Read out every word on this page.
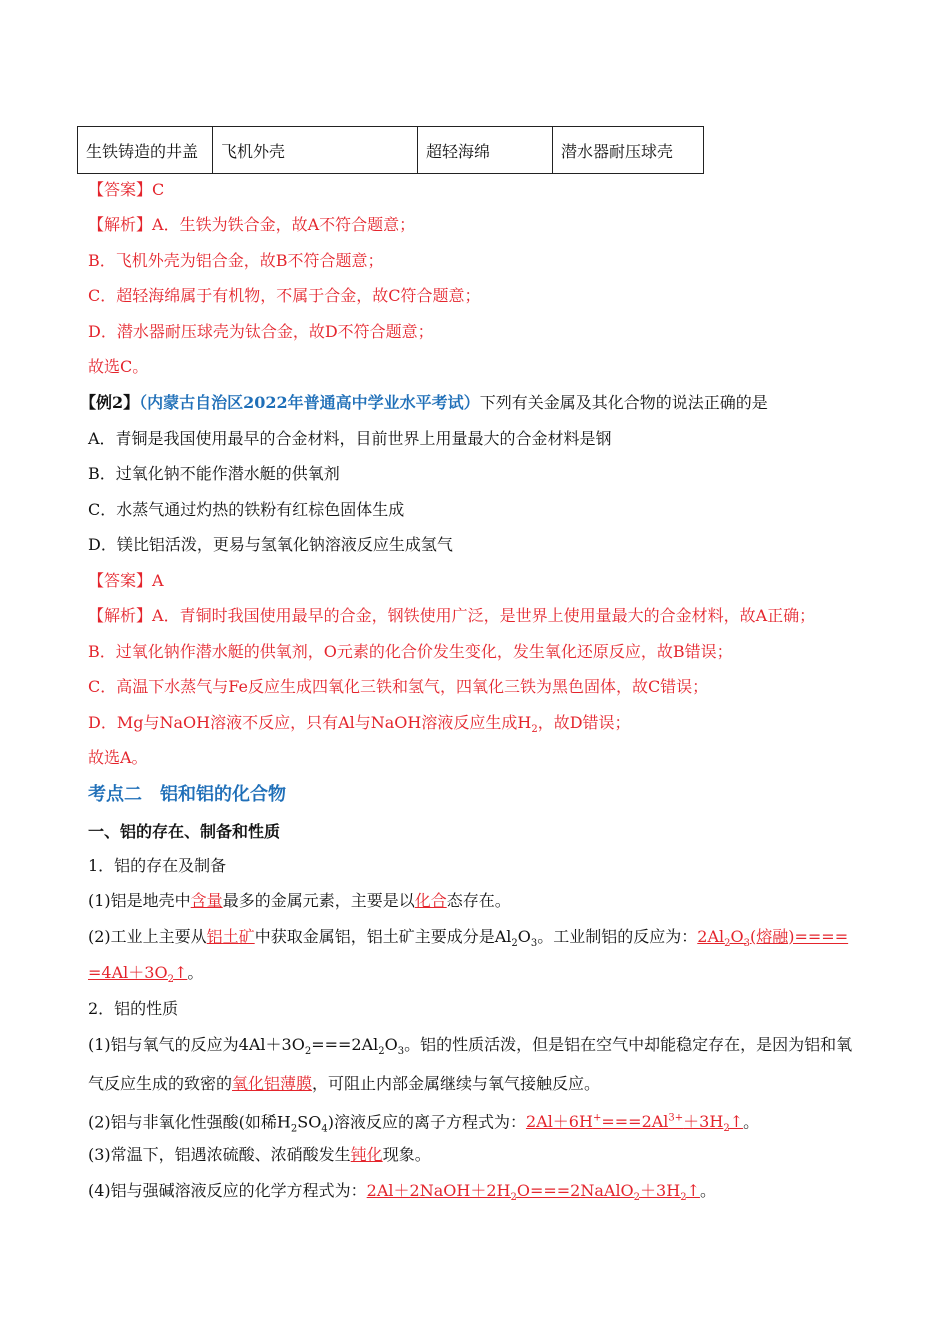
生铁铸造的井盖	飞机外壳	超轻海绵	潜水器耐压球壳
【答案】C
【解析】A．生铁为铁合金，故A不符合题意；
B．飞机外壳为铝合金，故B不符合题意；
C．超轻海绵属于有机物，不属于合金，故C符合题意；
D．潜水器耐压球壳为钛合金，故D不符合题意；
故选C。
【例2】（内蒙古自治区2022年普通高中学业水平考试）下列有关金属及其化合物的说法正确的是
A．青铜是我国使用最早的合金材料，目前世界上用量最大的合金材料是钢
B．过氧化钠不能作潜水艇的供氧剂
C．水蒸气通过灼热的铁粉有红棕色固体生成
D．镁比铝活泼，更易与氢氧化钠溶液反应生成氢气
【答案】A
【解析】A．青铜时我国使用最早的合金，钢铁使用广泛，是世界上使用量最大的合金材料，故A正确；
B．过氧化钠作潜水艇的供氧剂，O元素的化合价发生变化，发生氧化还原反应，故B错误；
C．高温下水蒸气与Fe反应生成四氧化三铁和氢气，四氧化三铁为黑色固体，故C错误；
D．Mg与NaOH溶液不反应，只有Al与NaOH溶液反应生成$H_2$，故D错误；
故选A。
考点二　铝和铝的化合物
一、铝的存在、制备和性质
1．铝的存在及制备
(1)铝是地壳中含量最多的金属元素，主要是以化合态存在。
(2)工业上主要从铝土矿中获取金属铝，铝土矿主要成分是$Al_2O_3$。工业制铝的反应为：$2Al_2O_3$(熔融)====
$=4Al+3O_2↑$。
2．铝的性质
(1)铝与氧气的反应为$4Al+3O_2===2Al_2O_3$。铝的性质活泼，但是铝在空气中却能稳定存在，是因为铝和氧
气反应生成的致密的氧化铝薄膜，可阻止内部金属继续与氧气接触反应。
(2)铝与非氧化性强酸(如稀$H_2SO_4$)溶液反应的离子方程式为：$2Al+6H^+===2Al^{3+}+3H_2↑$。
(3)常温下，铝遇浓硫酸、浓硝酸发生钝化现象。
(4)铝与强碱溶液反应的化学方程式为：$2Al+2NaOH+2H_2O===2NaAlO_2+3H_2↑$。
